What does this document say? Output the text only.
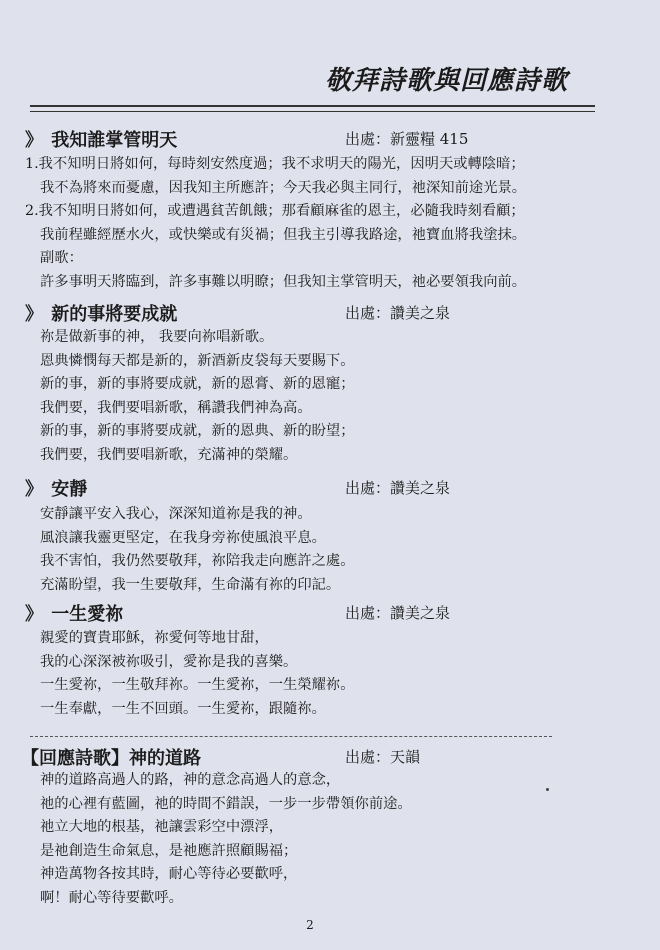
敬拜詩歌與回應詩歌
》 我知誰掌管明天	出處：新靈糧 415
1.我不知明日將如何，每時刻安然度過；我不求明天的陽光，因明天或轉陰暗；
我不為將來而憂慮，因我知主所應許；今天我必與主同行，祂深知前途光景。
2.我不知明日將如何，或遭遇貧苦飢餓；那看顧麻雀的恩主，必隨我時刻看顧；
我前程雖經歷水火，或快樂或有災禍；但我主引導我路途，祂寶血將我塗抹。
副歌：
許多事明天將臨到，許多事難以明瞭；但我知主掌管明天，祂必要領我向前。
》 新的事將要成就	出處：讚美之泉
祢是做新事的神， 我要向祢唱新歌。
恩典憐憫每天都是新的，新酒新皮袋每天要賜下。
新的事，新的事將要成就，新的恩膏、新的恩寵；
我們要，我們要唱新歌，稱讚我們神為高。
新的事，新的事將要成就，新的恩典、新的盼望；
我們要，我們要唱新歌，充滿神的榮耀。
》 安靜	出處：讚美之泉
安靜讓平安入我心，深深知道祢是我的神。
風浪讓我靈更堅定，在我身旁祢使風浪平息。
我不害怕，我仍然要敬拜，祢陪我走向應許之處。
充滿盼望，我一生要敬拜，生命滿有祢的印記。
》 一生愛祢	出處：讚美之泉
親愛的寶貴耶穌，祢愛何等地甘甜，
我的心深深被祢吸引，愛祢是我的喜樂。
一生愛祢，一生敬拜祢。一生愛祢，一生榮耀祢。
一生奉獻，一生不回頭。一生愛祢，跟隨祢。
【回應詩歌】神的道路	出處：天韻
神的道路高過人的路，神的意念高過人的意念，
祂的心裡有藍圖，祂的時間不錯誤，一步一步帶領你前途。
祂立大地的根基，祂讓雲彩空中漂浮，
是祂創造生命氣息，是祂應許照顧賜福；
神造萬物各按其時，耐心等待必要歡呼，
啊！耐心等待要歡呼。
2
